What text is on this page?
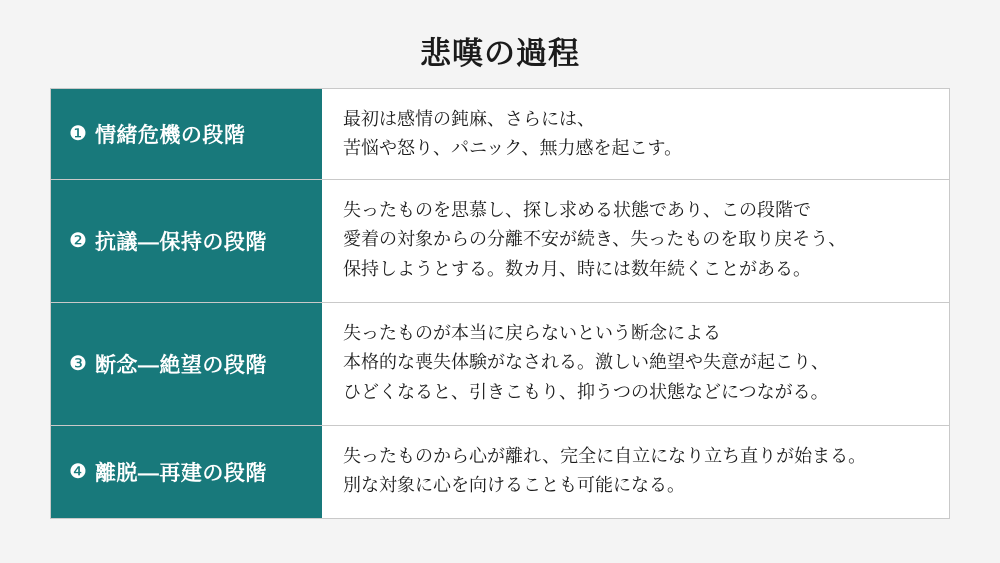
悲嘆の過程
❶ 情緒危機の段階
最初は感情の鈍麻、さらには、
苦悩や怒り、パニック、無力感を起こす。
❷ 抗議―保持の段階
失ったものを思慕し、探し求める状態であり、この段階で
愛着の対象からの分離不安が続き、失ったものを取り戻そう、
保持しようとする。数カ月、時には数年続くことがある。
❸ 断念―絶望の段階
失ったものが本当に戻らないという断念による
本格的な喪失体験がなされる。激しい絶望や失意が起こり、
ひどくなると、引きこもり、抑うつの状態などにつながる。
❹ 離脱―再建の段階
失ったものから心が離れ、完全に自立になり立ち直りが始まる。
別な対象に心を向けることも可能になる。
